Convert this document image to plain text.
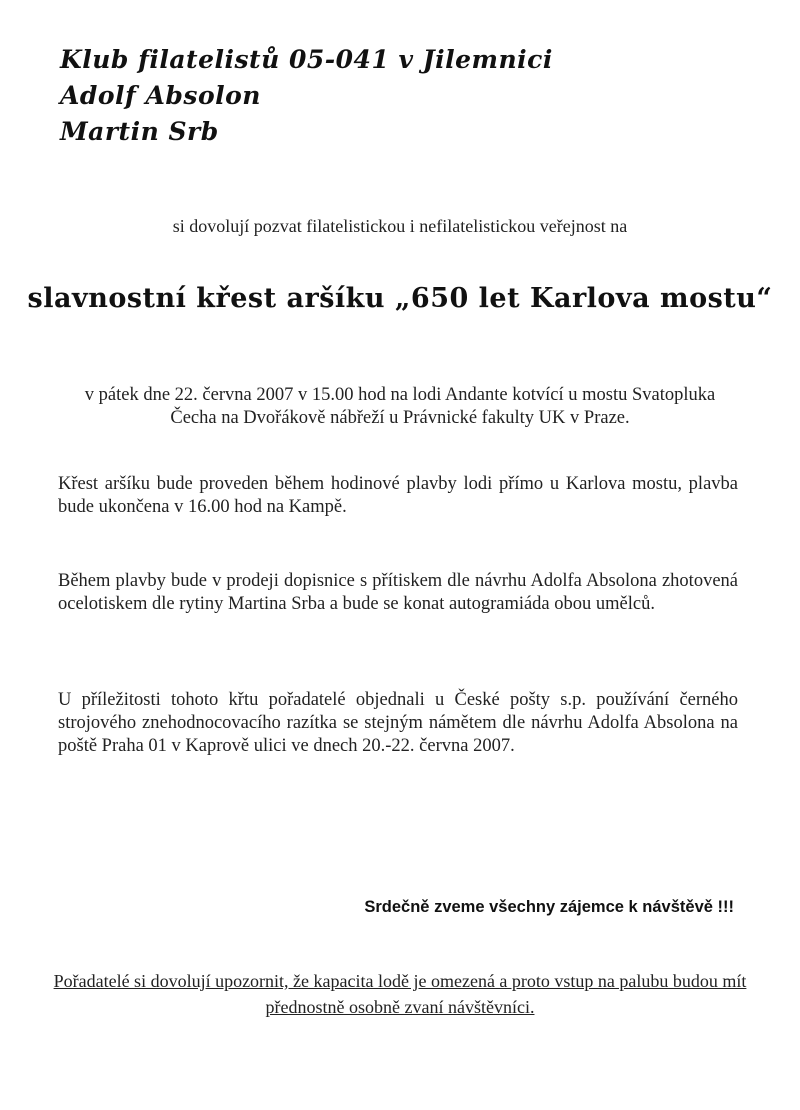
Klub filatelistů 05-041 v Jilemnici
Adolf Absolon
Martin Srb
si dovolují pozvat filatelistickou i nefilatelistickou veřejnost na
slavnostní křest aršíku „650 let Karlova mostu“
v pátek dne 22. června 2007 v 15.00 hod na lodi Andante kotvící u mostu Svatopluka Čecha na Dvořákově nábřeží u Právnické fakulty UK v Praze.
Křest aršíku bude proveden během hodinové plavby lodi přímo u Karlova mostu, plavba bude ukončena v 16.00 hod na Kampě.
Během plavby bude v prodeji dopisnice s přítiskem dle návrhu Adolfa Absolona zhotovená ocelotiskem dle rytiny Martina Srba a bude se konat autogramiáda obou umělců.
U příležitosti tohoto křtu pořadatelé objednali u České pošty s.p. používání černého strojového znehodnocovacího razítka se stejným námětem dle návrhu Adolfa Absolona na poště Praha 01 v Kaprově ulici ve dnech 20.-22. června 2007.
Srdečně zveme všechny zájemce k návštěvě !!!
Pořadatelé si dovolují upozornit, že kapacita lodě je omezená a proto vstup na palubu budou mít přednostně osobně zvaní návštěvníci.
